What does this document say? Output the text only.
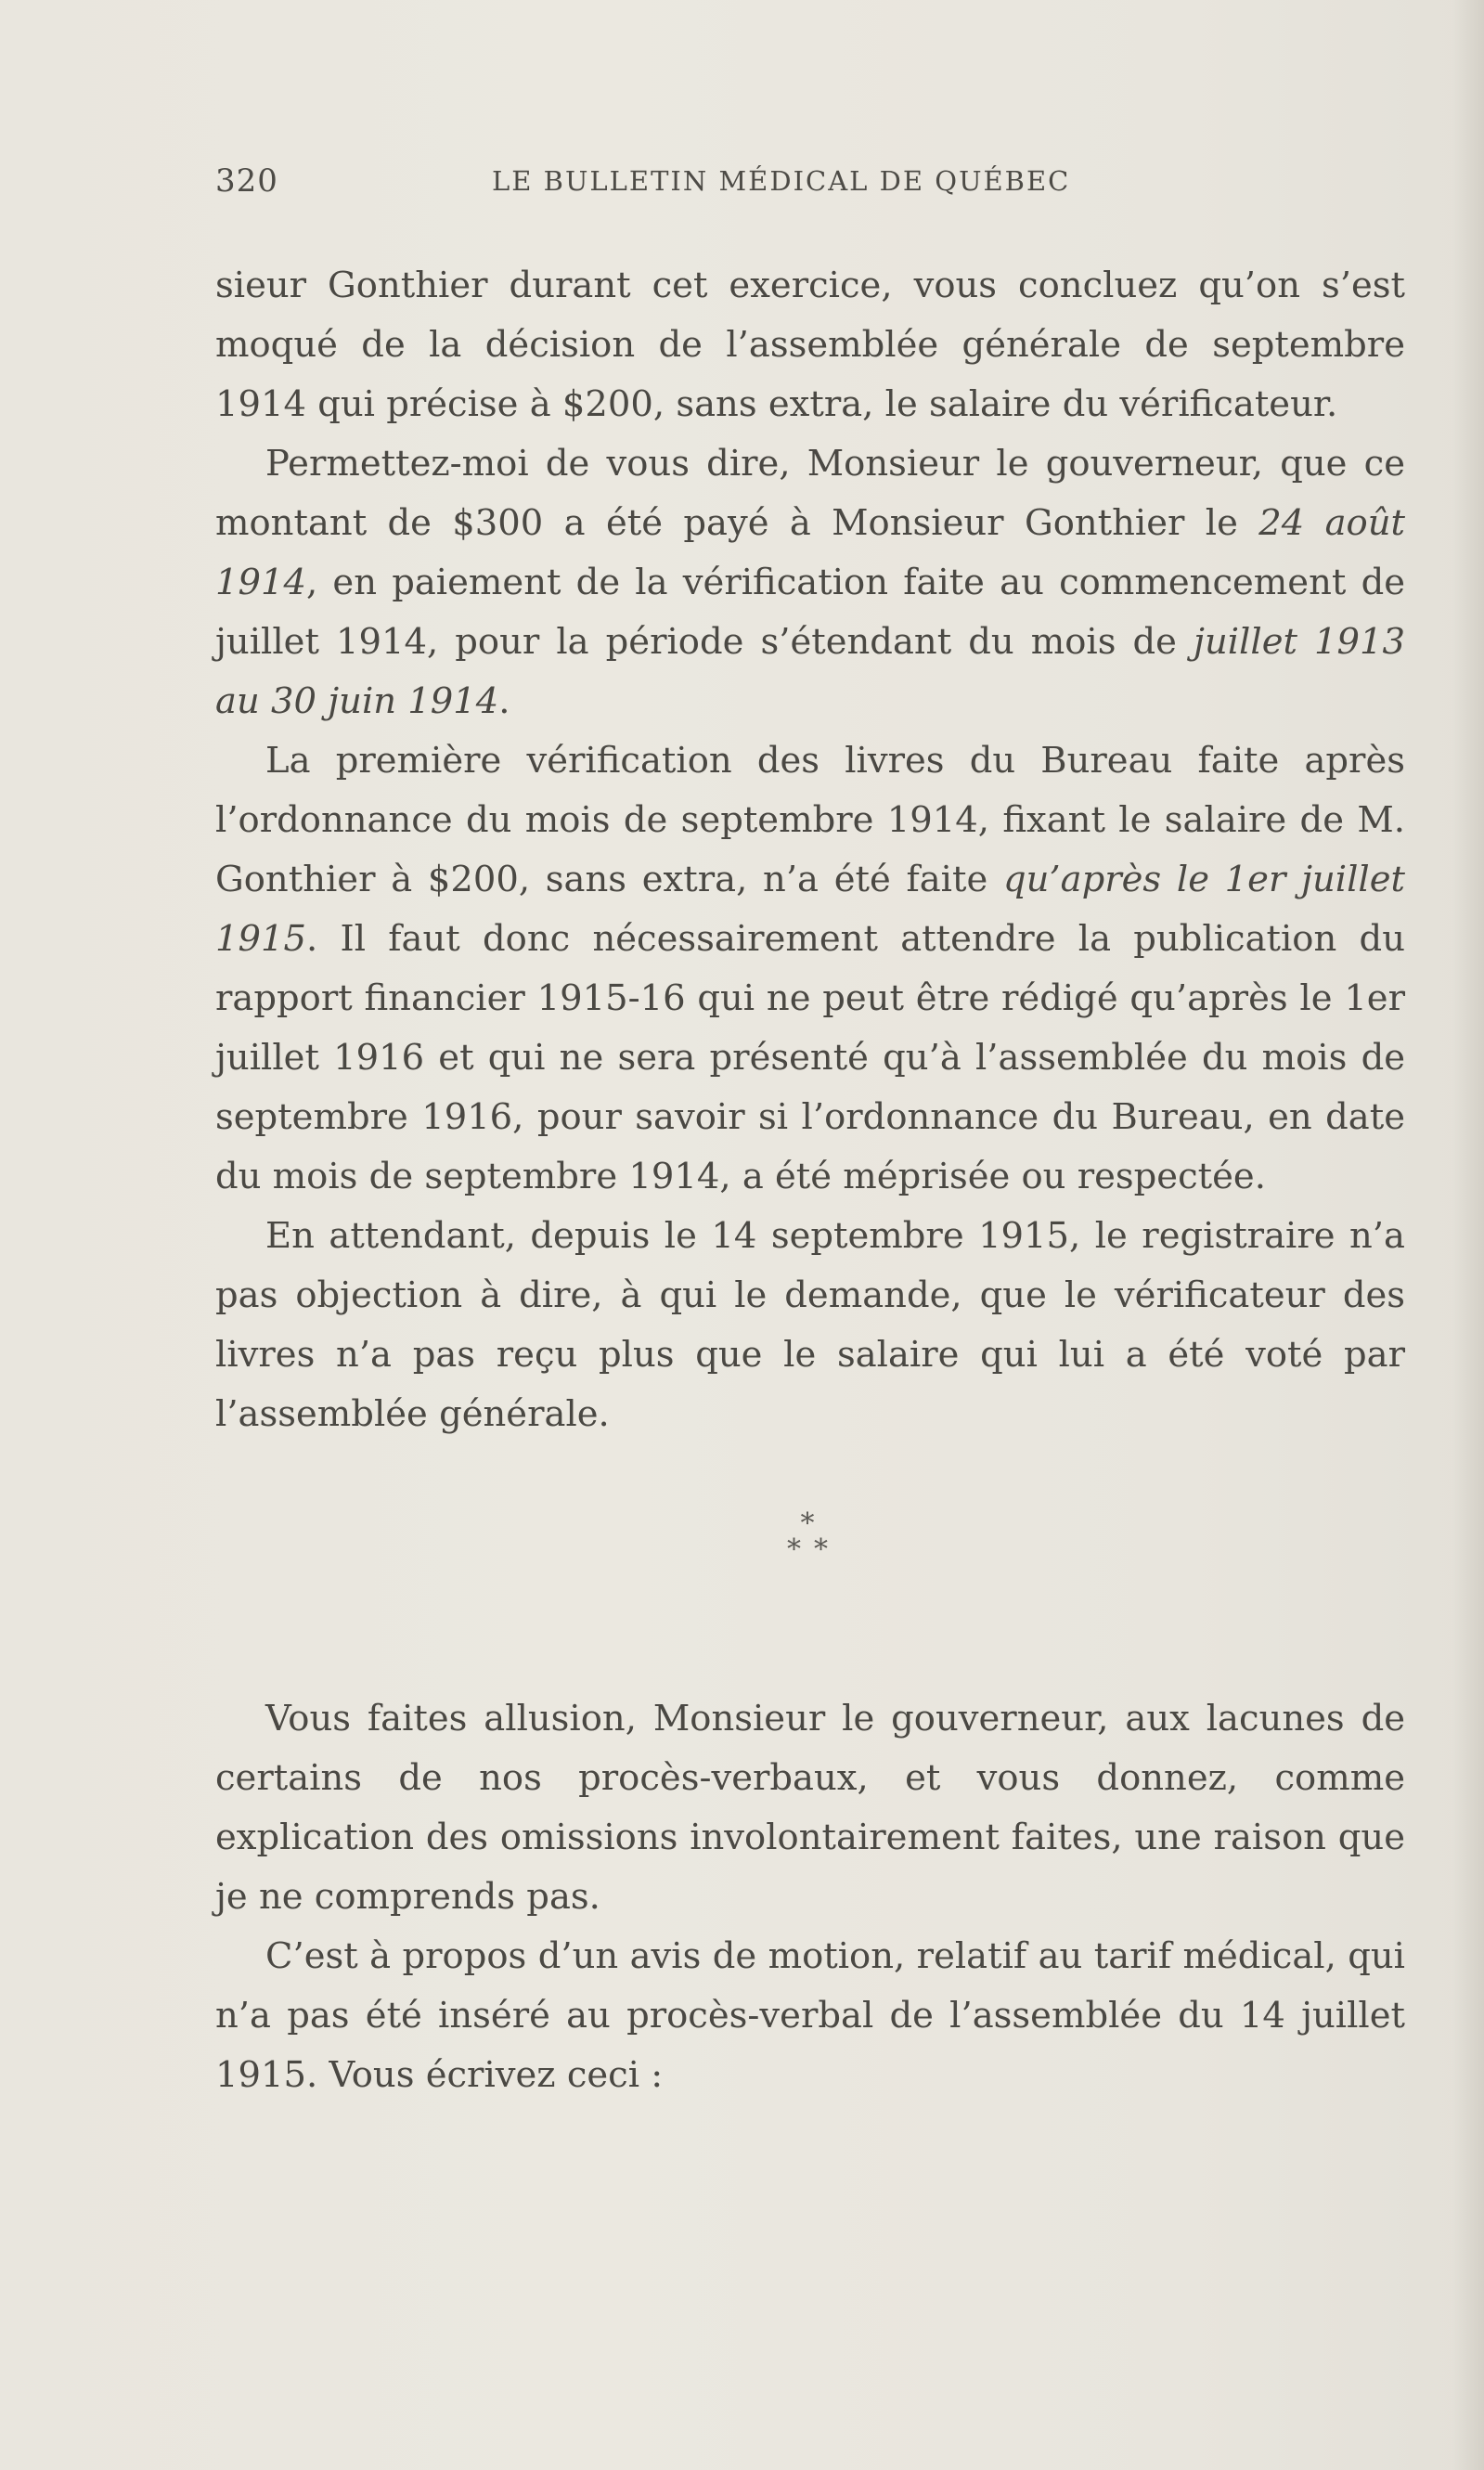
320	LE BULLETIN MÉDICAL DE QUÉBEC

sieur Gonthier durant cet exercice, vous concluez qu’on s’est moqué de la décision de l’assemblée générale de septembre 1914 qui précise à $200, sans extra, le salaire du vérificateur.

Permettez-moi de vous dire, Monsieur le gouverneur, que ce montant de $300 a été payé à Monsieur Gonthier le 24 août 1914, en paiement de la vérification faite au commencement de juillet 1914, pour la période s’étendant du mois de juillet 1913 au 30 juin 1914.

La première vérification des livres du Bureau faite après l’ordonnance du mois de septembre 1914, fixant le salaire de M. Gonthier à $200, sans extra, n’a été faite qu’après le 1er juillet 1915. Il faut donc nécessairement attendre la publication du rapport financier 1915-16 qui ne peut être rédigé qu’après le 1er juillet 1916 et qui ne sera présenté qu’à l’assemblée du mois de septembre 1916, pour savoir si l’ordonnance du Bureau, en date du mois de septembre 1914, a été méprisée ou respectée.

En attendant, depuis le 14 septembre 1915, le registraire n’a pas objection à dire, à qui le demande, que le vérificateur des livres n’a pas reçu plus que le salaire qui lui a été voté par l’assemblée générale.

*
**

Vous faites allusion, Monsieur le gouverneur, aux lacunes de certains de nos procès-verbaux, et vous donnez, comme explication des omissions involontairement faites, une raison que je ne comprends pas.

C’est à propos d’un avis de motion, relatif au tarif médical, qui n’a pas été inséré au procès-verbal de l’assemblée du 14 juillet 1915. Vous écrivez ceci :
